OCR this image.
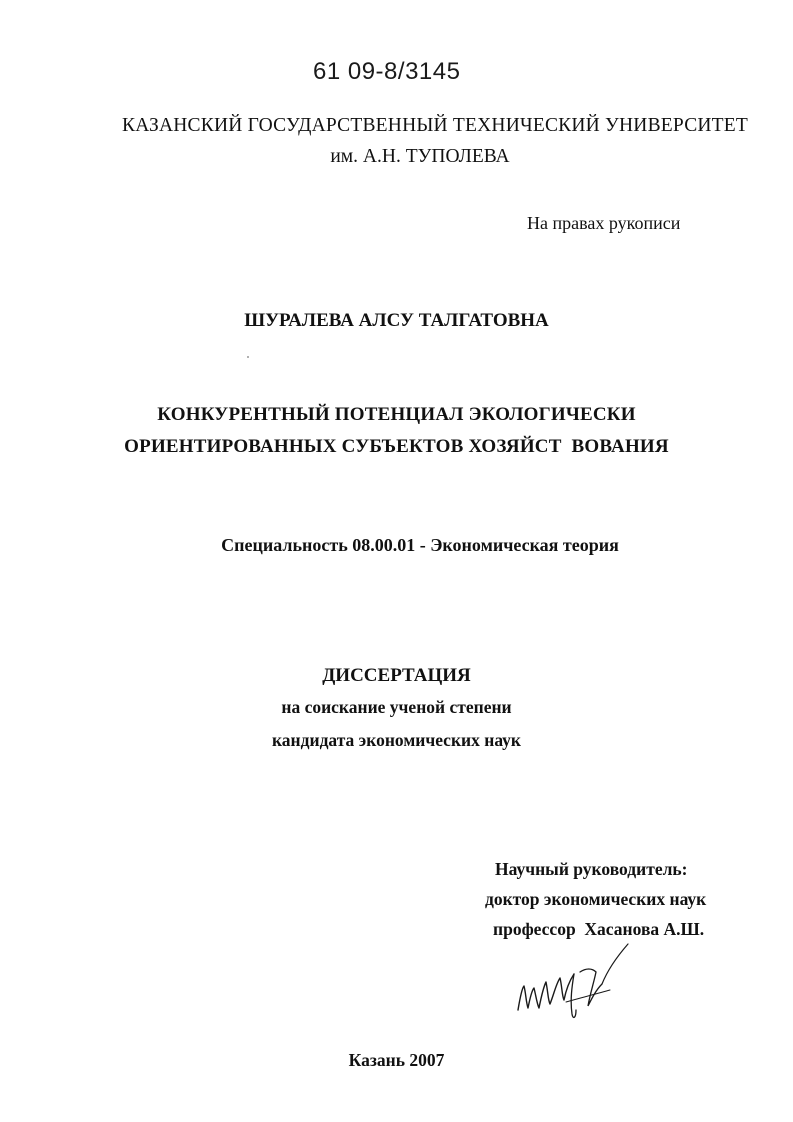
61 09-8/3145

КАЗАНСКИЙ ГОСУДАРСТВЕННЫЙ ТЕХНИЧЕСКИЙ УНИВЕРСИТЕТ

им. А.Н. ТУПОЛЕВА

На правах рукописи

ШУРАЛЕВА АЛСУ ТАЛГАТОВНА

КОНКУРЕНТНЫЙ ПОТЕНЦИАЛ ЭКОЛОГИЧЕСКИ

ОРИЕНТИРОВАННЫХ СУБЪЕКТОВ ХОЗЯЙСТ  ВОВАНИЯ

Специальность 08.00.01 - Экономическая теория

ДИССЕРТАЦИЯ

на соискание ученой степени

кандидата экономических наук

Научный руководитель:

доктор экономических наук

профессор  Хасанова А.Ш.

Казань 2007
